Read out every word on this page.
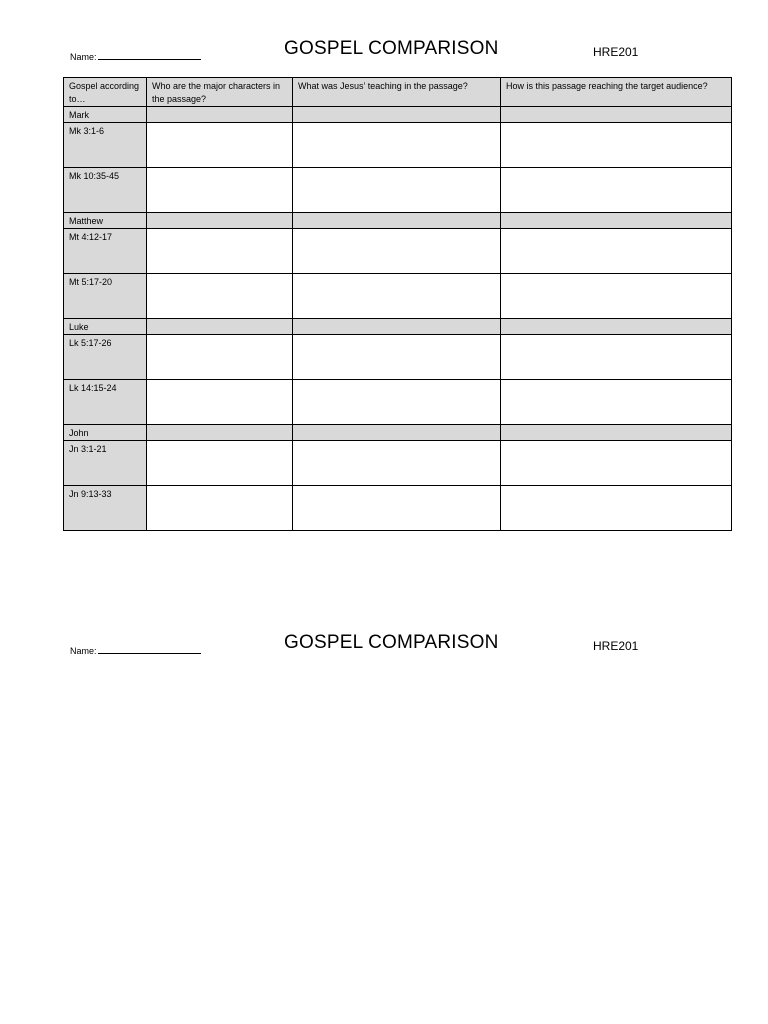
Name:	GOSPEL COMPARISON	HRE201
Gospel according to…	Who are the major characters in the passage?	What was Jesus’ teaching in the passage?	How is this passage reaching the target audience?
Mark			
Mk 3:1-6			
Mk 10:35-45			
Matthew			
Mt 4:12-17			
Mt 5:17-20			
Luke			
Lk 5:17-26			
Lk 14:15-24			
John			
Jn 3:1-21			
Jn 9:13-33			
Name:	GOSPEL COMPARISON	HRE201
